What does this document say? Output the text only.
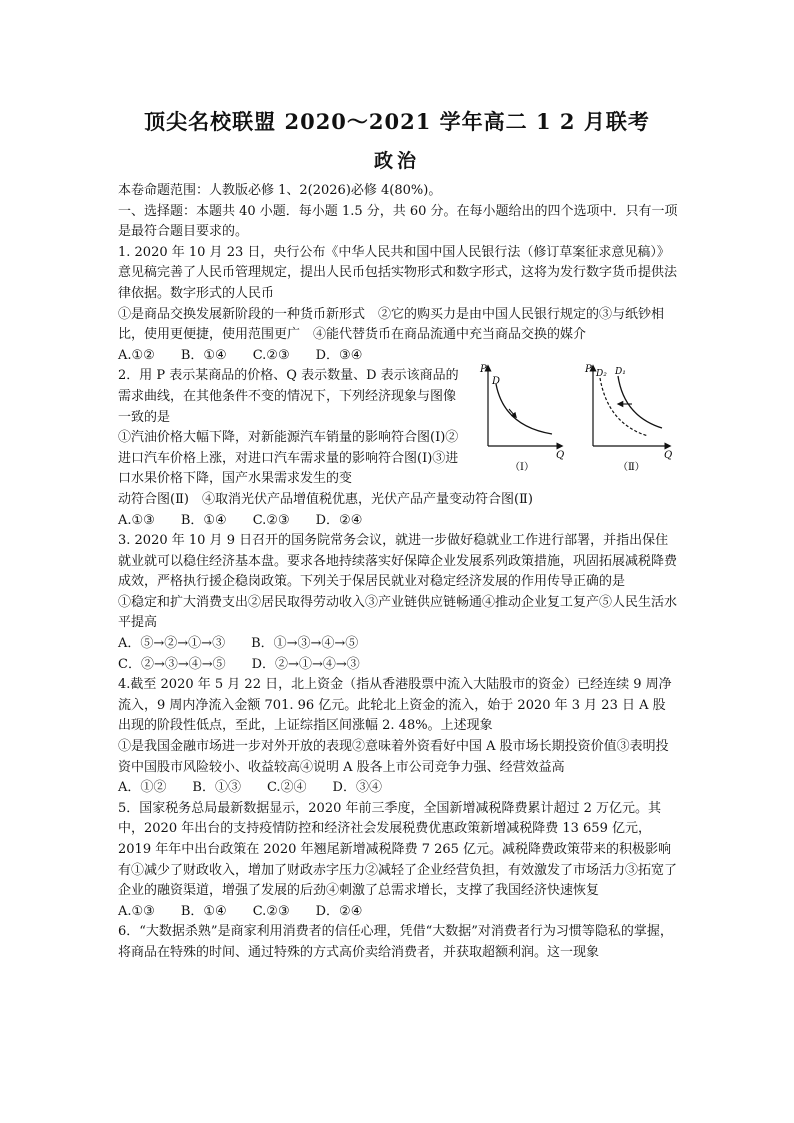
顶尖名校联盟 2020～2021 学年高二 1 2 月联考
政治

本卷命题范围：人教版必修 1、2(2026)必修 4(80%)。

一、选择题：本题共 40 小题．每小题 1.5 分，共 60 分。在每小题给出的四个选项中．只有一项是最符合题目要求的。

1. 2020 年 10 月 23 日，央行公布《中华人民共和国中国人民银行法（修订草案征求意见稿）》意见稿完善了人民币管理规定，提出人民币包括实物形式和数字形式，这将为发行数字货币提供法律依据。数字形式的人民币

①是商品交换发展新阶段的一种货币新形式　②它的购买力是由中国人民银行规定的③与纸钞相比，使用更便捷，使用范围更广　④能代替货币在商品流通中充当商品交换的媒介

A.①②　　B．①④　　C.②③　　D．③④

2．用 P 表示某商品的价格、Q 表示数量、D 表示该商品的需求曲线，在其他条件不变的情况下，下列经济现象与图像一致的是

①汽油价格大幅下降，对新能源汽车销量的影响符合图(I)②进口汽车价格上涨，对进口汽车需求量的影响符合图(I)③进口水果价格下降，国产水果需求发生的变

P
Q
D
（Ⅰ）
P
Q
D₂ D₁
（Ⅱ）

动符合图(Ⅱ)　④取消光伏产品增值税优惠，光伏产品产量变动符合图(Ⅱ)

A.①③　　B．①④　　C.②③　　D．②④

3. 2020 年 10 月 9 日召开的国务院常务会议，就进一步做好稳就业工作进行部署，并指出保住就业就可以稳住经济基本盘。要求各地持续落实好保障企业发展系列政策措施，巩固拓展减税降费成效，严格执行援企稳岗政策。下列关于保居民就业对稳定经济发展的作用传导正确的是

①稳定和扩大消费支出②居民取得劳动收入③产业链供应链畅通④推动企业复工复产⑤人民生活水平提高

A．⑤→②→①→③　　B．①→③→④→⑤

C．②→③→④→⑤　　D．②→①→④→③

4.截至 2020 年 5 月 22 日，北上资金（指从香港股票中流入大陆股市的资金）已经连续 9 周净流入，9 周内净流入金额 701. 96 亿元。此轮北上资金的流入，始于 2020 年 3 月 23 日 A 股出现的阶段性低点，至此，上证综指区间涨幅 2. 48%。上述现象

①是我国金融市场进一步对外开放的表现②意味着外资看好中国 A 股市场长期投资价值③表明投资中国股市风险较小、收益较高④说明 A 股各上市公司竞争力强、经营效益高

A．①②　　B．①③　　C.②④　　D．③④

5．国家税务总局最新数据显示，2020 年前三季度，全国新增减税降费累计超过 2 万亿元。其中，2020 年出台的支持疫情防控和经济社会发展税费优惠政策新增减税降费 13 659 亿元，2019 年年中出台政策在 2020 年翘尾新增减税降费 7 265 亿元。减税降费政策带来的积极影响有①减少了财政收入，增加了财政赤字压力②减轻了企业经营负担，有效激发了市场活力③拓宽了企业的融资渠道，增强了发展的后劲④刺激了总需求增长，支撑了我国经济快速恢复

A.①③　　B．①④　　C.②③　　D．②④

6．“大数据杀熟”是商家利用消费者的信任心理，凭借“大数据”对消费者行为习惯等隐私的掌握，将商品在特殊的时间、通过特殊的方式高价卖给消费者，并获取超额利润。这一现象
